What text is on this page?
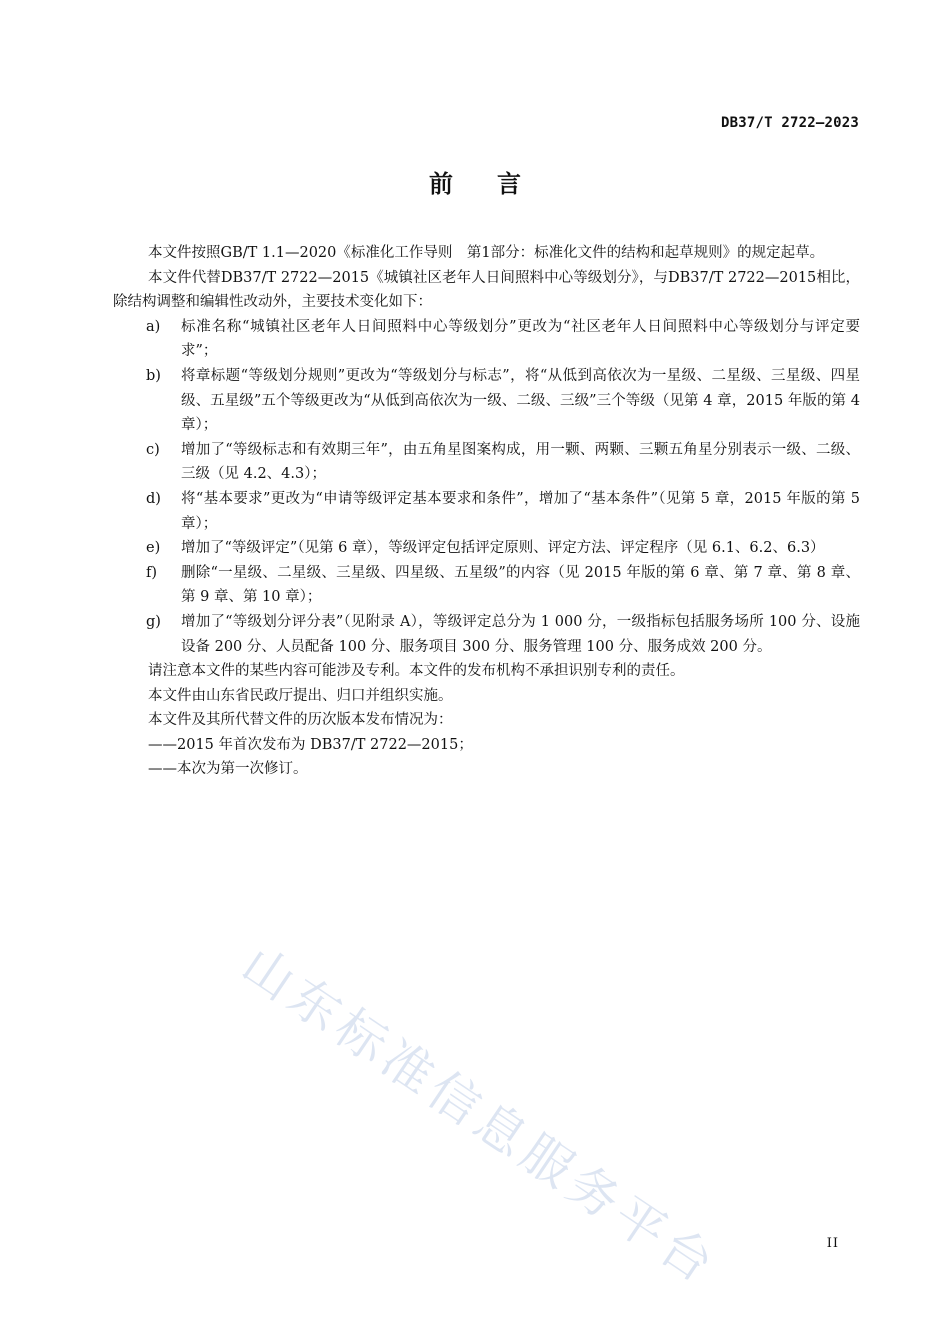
DB37/T 2722—2023
前言

本文件按照GB/T 1.1—2020《标准化工作导则　第1部分：标准化文件的结构和起草规则》的规定起草。

本文件代替DB37/T 2722—2015《城镇社区老年人日间照料中心等级划分》，与DB37/T 2722—2015相比，除结构调整和编辑性改动外，主要技术变化如下：

a)	标准名称“城镇社区老年人日间照料中心等级划分”更改为“社区老年人日间照料中心等级划分与评定要求”；
b)	将章标题“等级划分规则”更改为“等级划分与标志”，将“从低到高依次为一星级、二星级、三星级、四星级、五星级”五个等级更改为“从低到高依次为一级、二级、三级”三个等级（见第 4 章，2015 年版的第 4 章）；
c)	增加了“等级标志和有效期三年”，由五角星图案构成，用一颗、两颗、三颗五角星分别表示一级、二级、三级（见 4.2、4.3）；
d)	将“基本要求”更改为“申请等级评定基本要求和条件”，增加了“基本条件”（见第 5 章，2015 年版的第 5 章）；
e)	增加了“等级评定”（见第 6 章），等级评定包括评定原则、评定方法、评定程序（见 6.1、6.2、6.3）
f)	删除“一星级、二星级、三星级、四星级、五星级”的内容（见 2015 年版的第 6 章、第 7 章、第 8 章、第 9 章、第 10 章）；
g)	增加了“等级划分评分表”（见附录 A），等级评定总分为 1 000 分，一级指标包括服务场所 100 分、设施设备 200 分、人员配备 100 分、服务项目 300 分、服务管理 100 分、服务成效 200 分。

请注意本文件的某些内容可能涉及专利。本文件的发布机构不承担识别专利的责任。

本文件由山东省民政厅提出、归口并组织实施。

本文件及其所代替文件的历次版本发布情况为：

——2015 年首次发布为 DB37/T 2722—2015；

——本次为第一次修订。

山东标准信息服务平台	II
